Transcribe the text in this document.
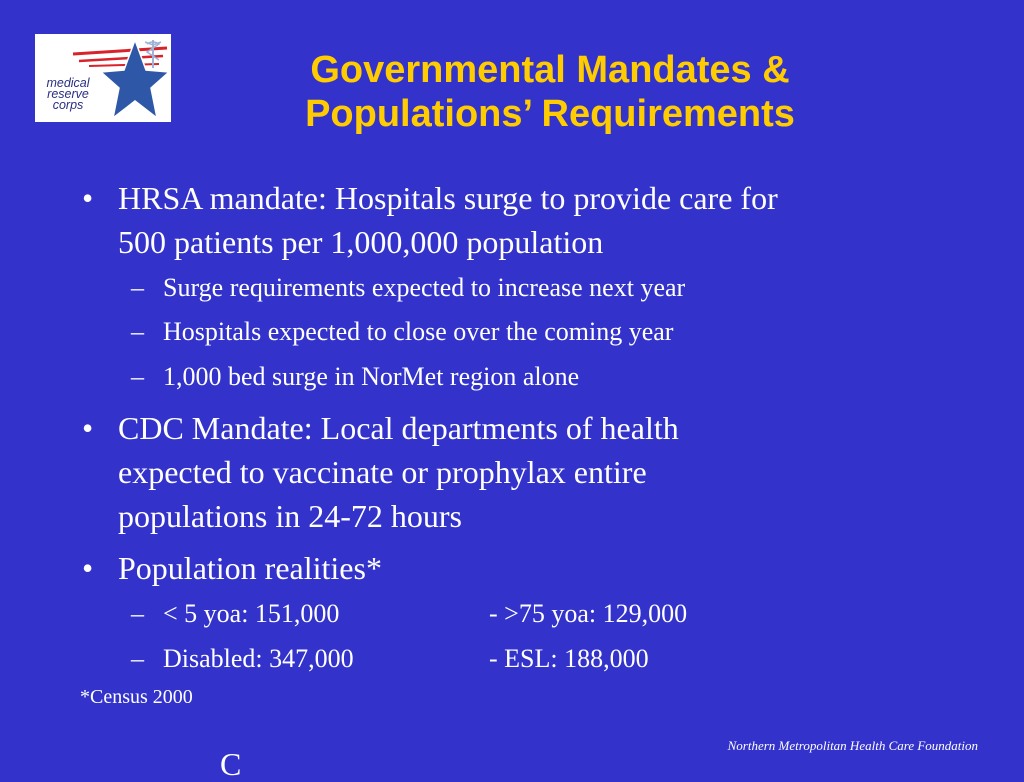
medical
reserve
corps
Governmental Mandates &
Populations’ Requirements
• HRSA mandate: Hospitals surge to provide care for
500 patients per 1,000,000 population
– Surge requirements expected to increase next year
– Hospitals expected to close over the coming year
– 1,000 bed surge in NorMet region alone
• CDC Mandate: Local departments of health
expected to vaccinate or prophylax entire
populations in 24-72 hours
• Population realities*
– < 5 yoa: 151,000	- >75 yoa: 129,000
– Disabled: 347,000	- ESL: 188,000
*Census 2000
C
Northern Metropolitan Health Care Foundation
